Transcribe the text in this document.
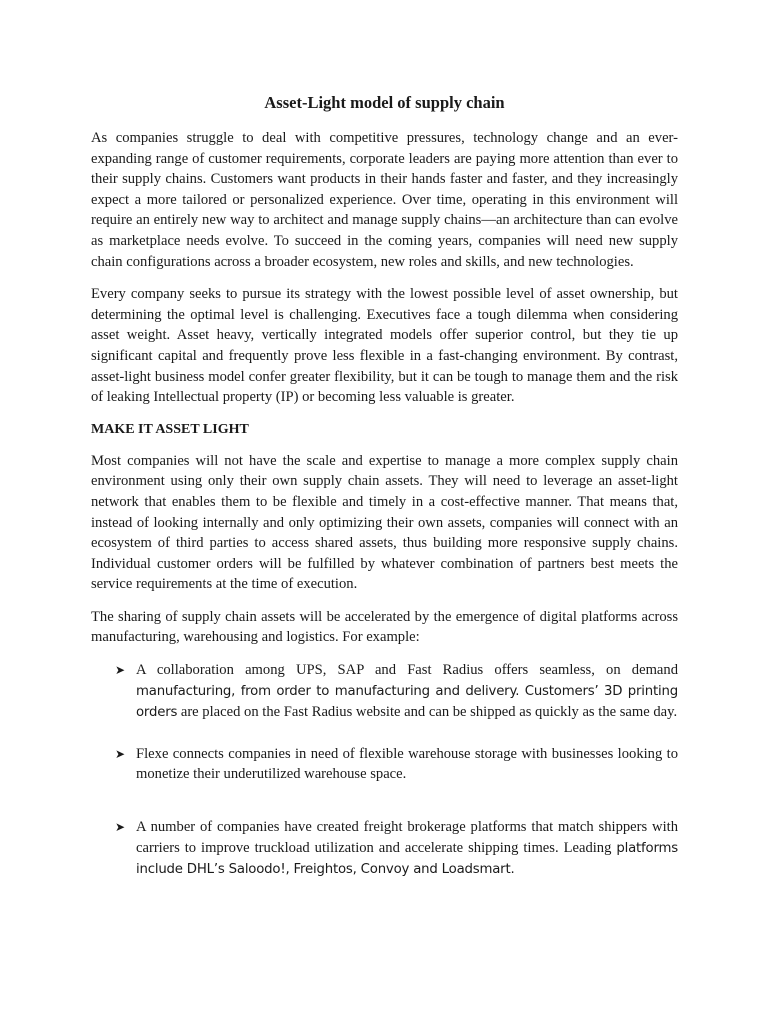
Asset-Light model of supply chain

As companies struggle to deal with competitive pressures, technology change and an ever-expanding range of customer requirements, corporate leaders are paying more attention than ever to their supply chains. Customers want products in their hands faster and faster, and they increasingly expect a more tailored or personalized experience. Over time, operating in this environment will require an entirely new way to architect and manage supply chains—an architecture than can evolve as marketplace needs evolve. To succeed in the coming years, companies will need new supply chain configurations across a broader ecosystem, new roles and skills, and new technologies.

Every company seeks to pursue its strategy with the lowest possible level of asset ownership, but determining the optimal level is challenging. Executives face a tough dilemma when considering asset weight. Asset heavy, vertically integrated models offer superior control, but they tie up significant capital and frequently prove less flexible in a fast-changing environment. By contrast, asset-light business model confer greater flexibility, but it can be tough to manage them and the risk of leaking Intellectual property (IP) or becoming less valuable is greater.

MAKE IT ASSET LIGHT

Most companies will not have the scale and expertise to manage a more complex supply chain environment using only their own supply chain assets. They will need to leverage an asset-light network that enables them to be flexible and timely in a cost-effective manner. That means that, instead of looking internally and only optimizing their own assets, companies will connect with an ecosystem of third parties to access shared assets, thus building more responsive supply chains. Individual customer orders will be fulfilled by whatever combination of partners best meets the service requirements at the time of execution.

The sharing of supply chain assets will be accelerated by the emergence of digital platforms across manufacturing, warehousing and logistics. For example:

➤ A collaboration among UPS, SAP and Fast Radius offers seamless, on demand manufacturing, from order to manufacturing and delivery. Customers’ 3D printing orders are placed on the Fast Radius website and can be shipped as quickly as the same day.
➤ Flexe connects companies in need of flexible warehouse storage with businesses looking to monetize their underutilized warehouse space.
➤ A number of companies have created freight brokerage platforms that match shippers with carriers to improve truckload utilization and accelerate shipping times. Leading platforms include DHL’s Saloodo!, Freightos, Convoy and Loadsmart.
